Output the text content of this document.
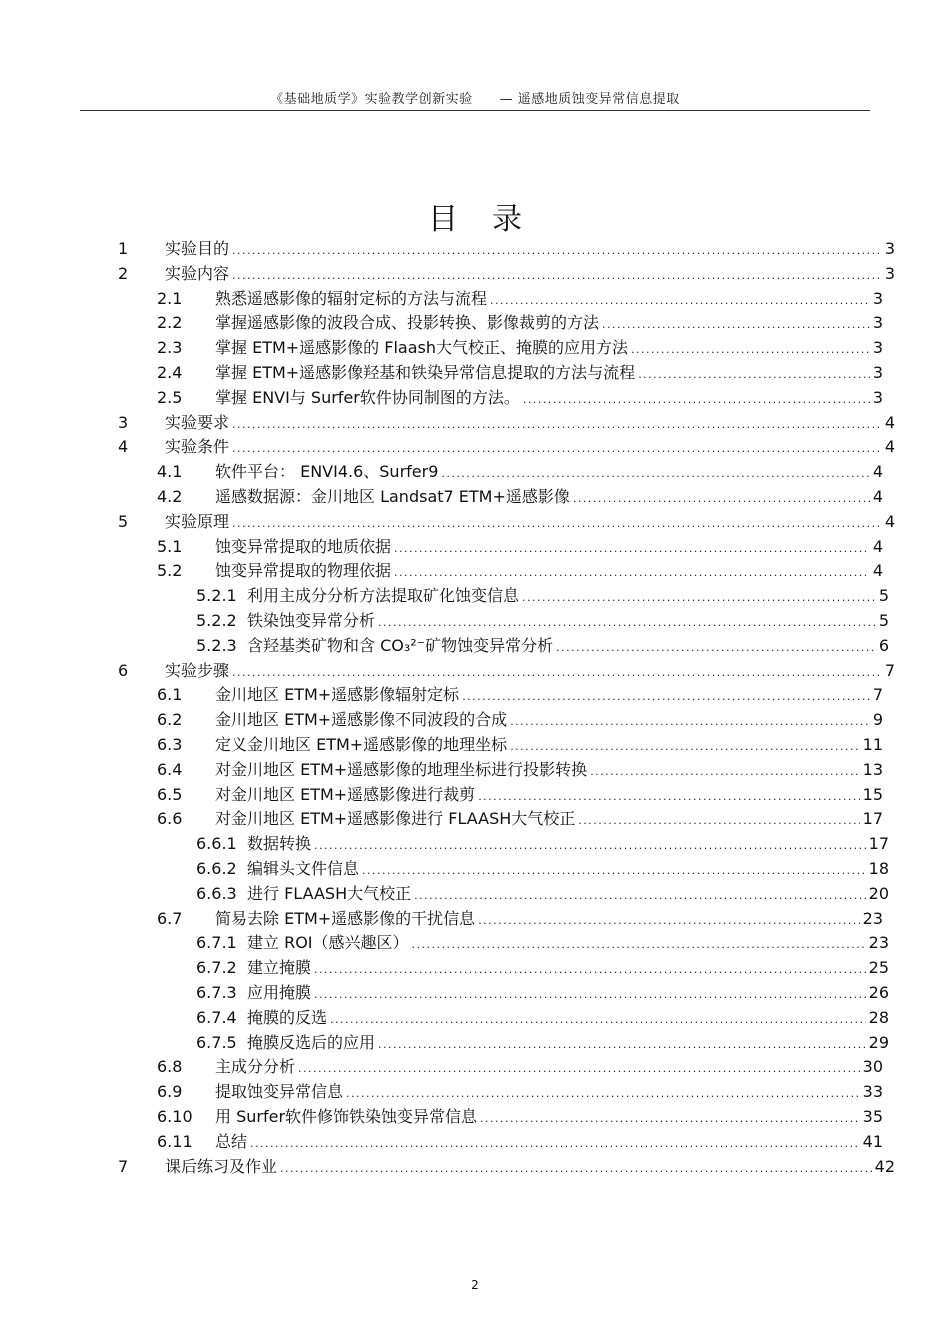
《基础地质学》实验教学创新实验　　— 遥感地质蚀变异常信息提取
目录
1	实验目的 .....	3
2	实验内容 .....	3
2.1	熟悉遥感影像的辐射定标的方法与流程 .....	3
2.2	掌握遥感影像的波段合成、投影转换、影像裁剪的方法 .....	3
2.3	掌握 ETM+遥感影像的 Flaash大气校正、掩膜的应用方法 .....	3
2.4	掌握 ETM+遥感影像羟基和铁染异常信息提取的方法与流程 .....	3
2.5	掌握 ENVI与 Surfer软件协同制图的方法。 .....	3
3	实验要求 .....	4
4	实验条件 .....	4
4.1	软件平台： ENVI4.6、Surfer9 .....	4
4.2	遥感数据源：金川地区 Landsat7 ETM+遥感影像 .....	4
5	实验原理 .....	4
5.1	蚀变异常提取的地质依据 .....	4
5.2	蚀变异常提取的物理依据 .....	4
5.2.1 利用主成分分析方法提取矿化蚀变信息 .....	5
5.2.2 铁染蚀变异常分析 .....	5
5.2.3 含羟基类矿物和含 CO₃²⁻矿物蚀变异常分析 .....	6
6	实验步骤 .....	7
6.1	金川地区 ETM+遥感影像辐射定标 .....	7
6.2	金川地区 ETM+遥感影像不同波段的合成 .....	9
6.3	定义金川地区 ETM+遥感影像的地理坐标 .....	11
6.4	对金川地区 ETM+遥感影像的地理坐标进行投影转换 .....	13
6.5	对金川地区 ETM+遥感影像进行裁剪 .....	15
6.6	对金川地区 ETM+遥感影像进行 FLAASH大气校正 .....	17
6.6.1 数据转换 .....	17
6.6.2 编辑头文件信息 .....	18
6.6.3 进行 FLAASH大气校正 .....	20
6.7	简易去除 ETM+遥感影像的干扰信息 .....	23
6.7.1 建立 ROI（感兴趣区） .....	23
6.7.2 建立掩膜 .....	25
6.7.3 应用掩膜 .....	26
6.7.4 掩膜的反选 .....	28
6.7.5 掩膜反选后的应用 .....	29
6.8	主成分分析 .....	30
6.9	提取蚀变异常信息 .....	33
6.10	用 Surfer软件修饰铁染蚀变异常信息 .....	35
6.11	总结 .....	41
7	课后练习及作业 .....	42
2
